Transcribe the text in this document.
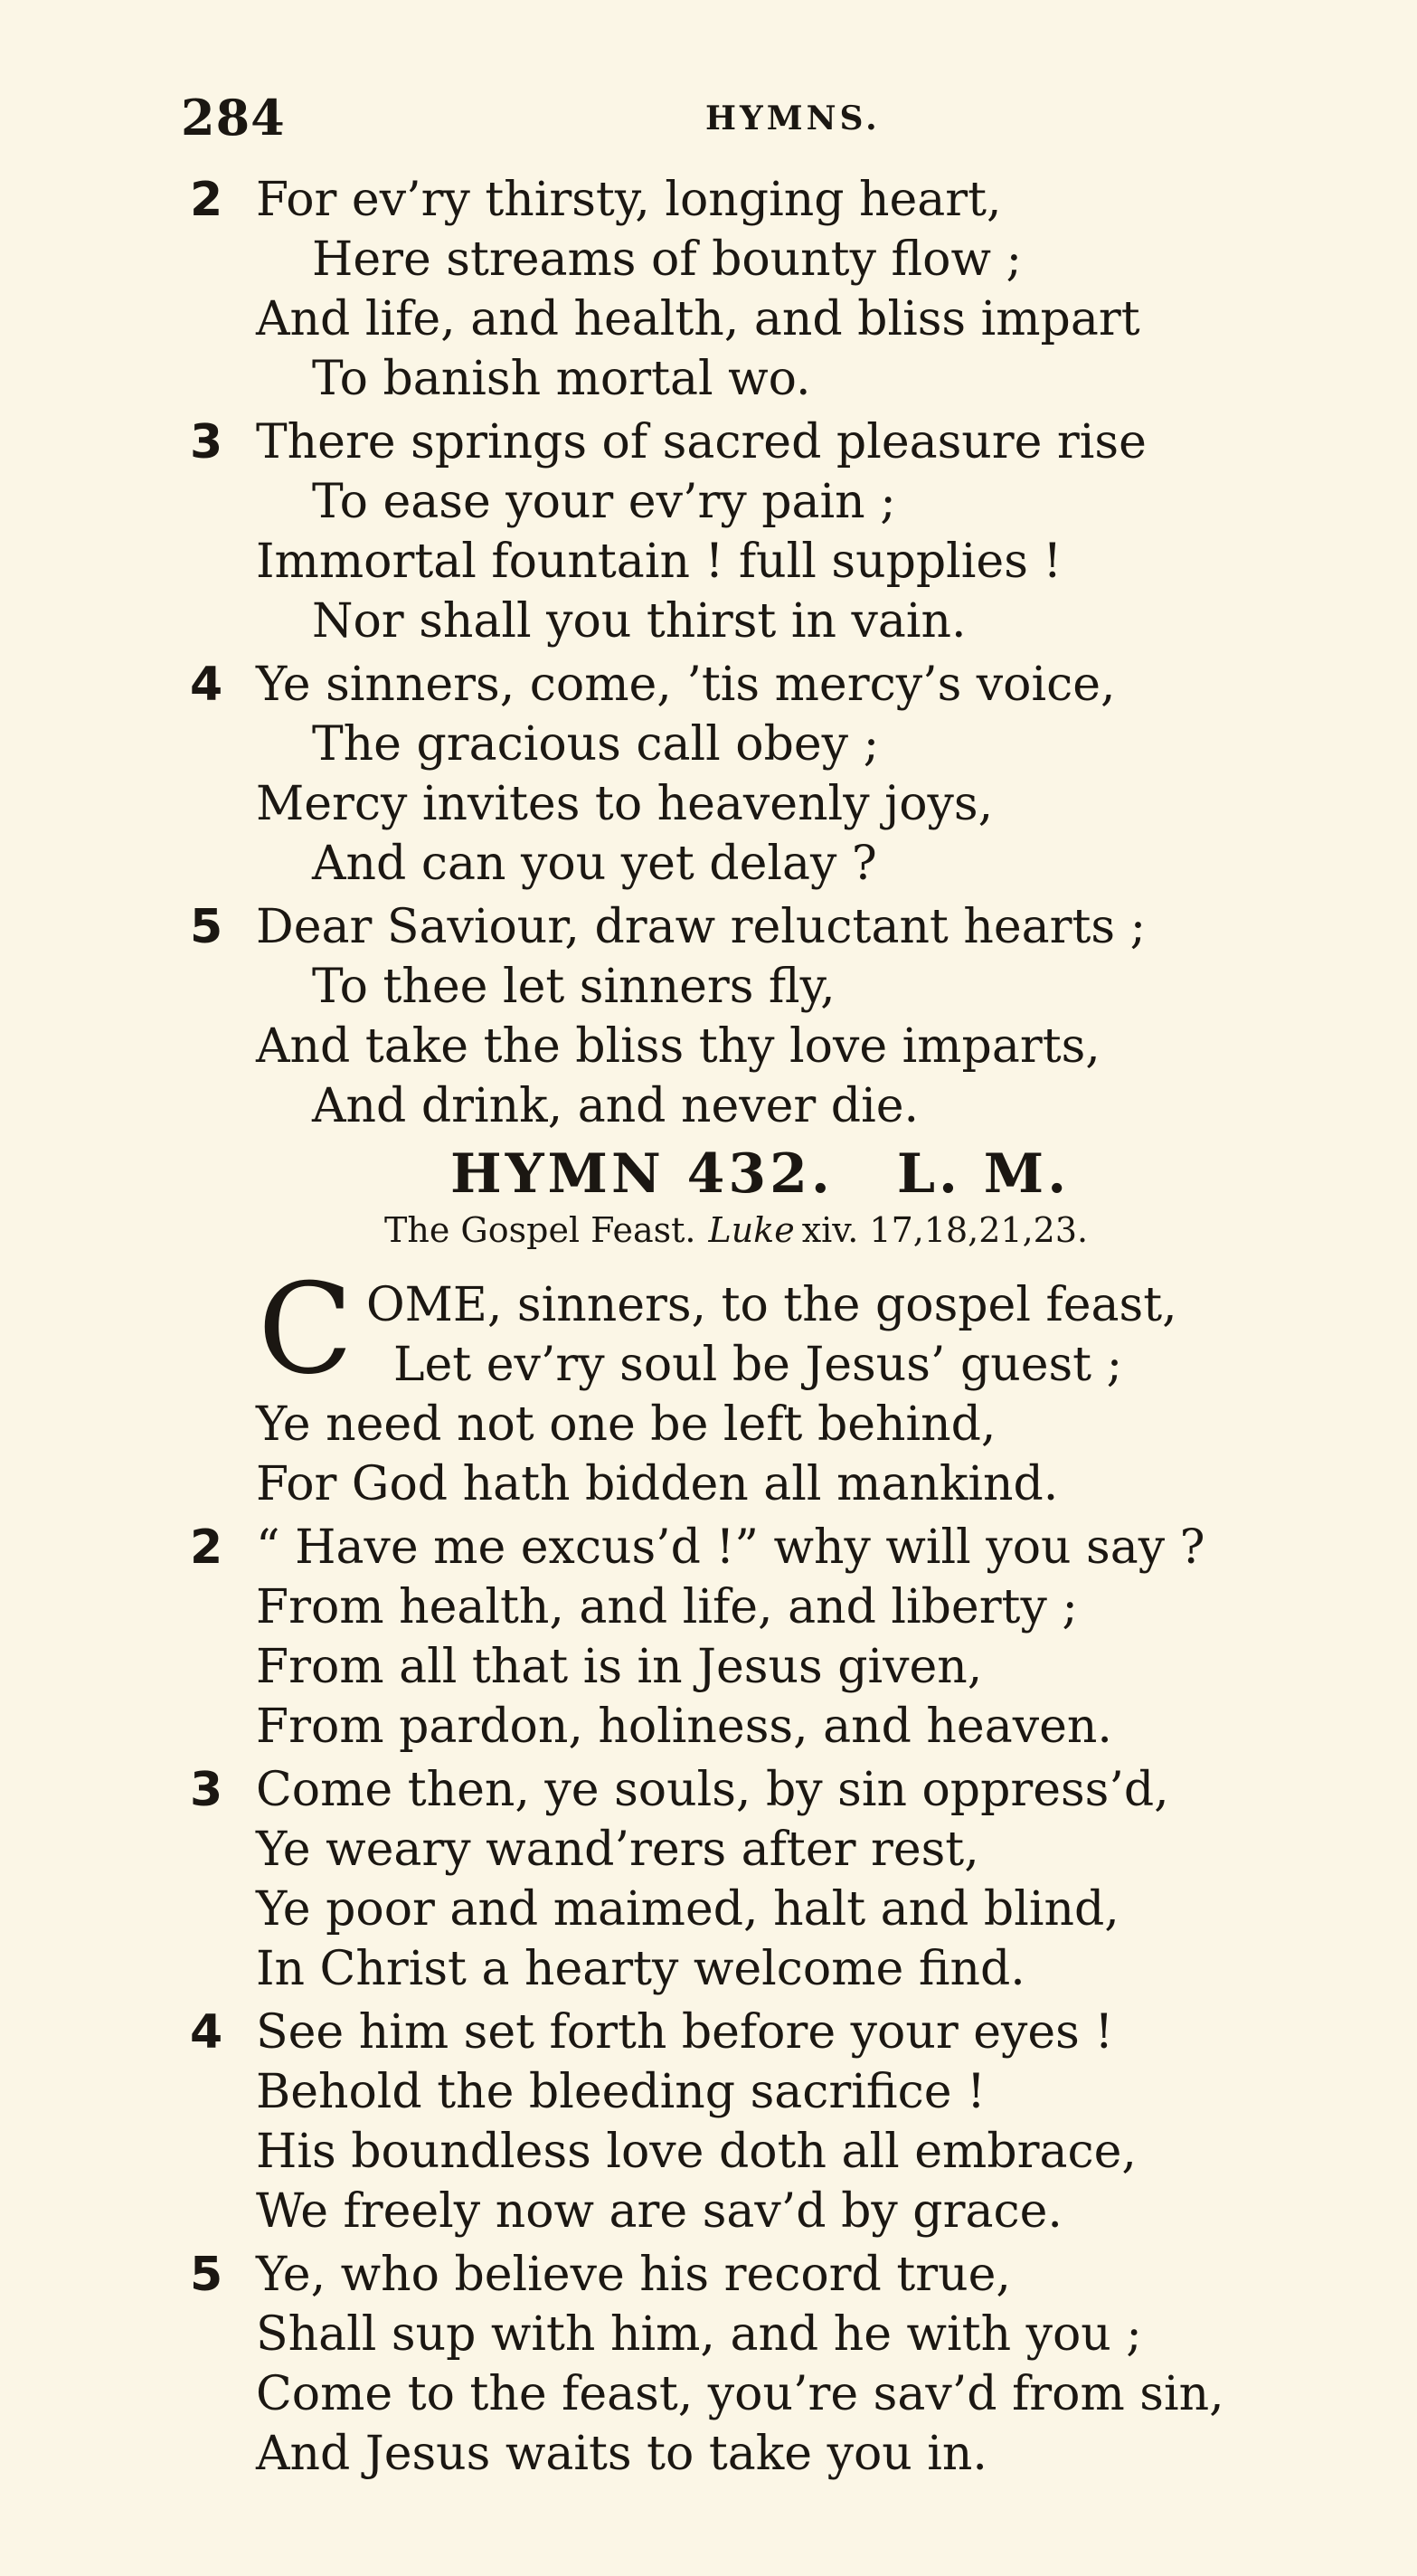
284	HYMNS.
2 For ev’ry thirsty, longing heart,
Here streams of bounty flow ;
And life, and health, and bliss impart
To banish mortal wo.
3 There springs of sacred pleasure rise
To ease your ev’ry pain ;
Immortal fountain ! full supplies !
Nor shall you thirst in vain.
4 Ye sinners, come, ’tis mercy’s voice,
The gracious call obey ;
Mercy invites to heavenly joys,
And can you yet delay ?
5 Dear Saviour, draw reluctant hearts ;
To thee let sinners fly,
And take the bliss thy love imparts,
And drink, and never die.
HYMN 432. L. M.
The Gospel Feast. Luke xiv. 17,18,21,23.
C OME, sinners, to the gospel feast,
Let ev’ry soul be Jesus’ guest ;
Ye need not one be left behind,
For God hath bidden all mankind.
2 “ Have me excus’d !” why will you say ?
From health, and life, and liberty ;
From all that is in Jesus given,
From pardon, holiness, and heaven.
3 Come then, ye souls, by sin oppress’d,
Ye weary wand’rers after rest,
Ye poor and maimed, halt and blind,
In Christ a hearty welcome find.
4 See him set forth before your eyes !
Behold the bleeding sacrifice !
His boundless love doth all embrace,
We freely now are sav’d by grace.
5 Ye, who believe his record true,
Shall sup with him, and he with you ;
Come to the feast, you’re sav’d from sin,
And Jesus waits to take you in.
